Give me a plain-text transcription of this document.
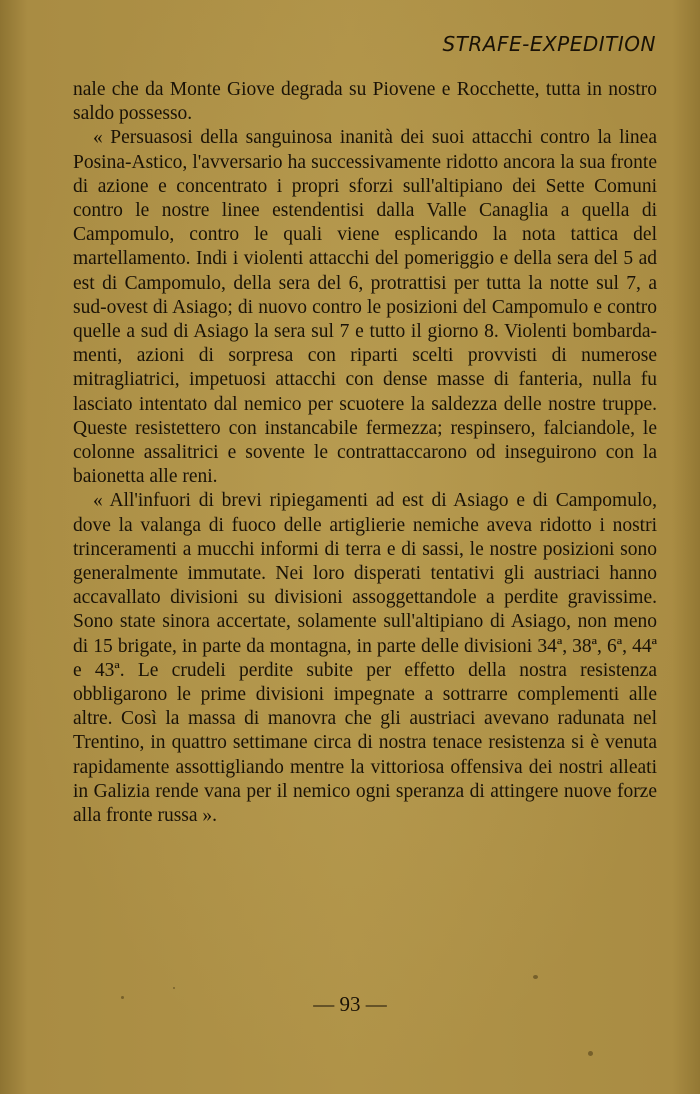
STRAFE-EXPEDITION

nale che da Monte Giove degrada su Piovene e Rocchette, tutta in nostro saldo possesso.

« Persuasosi della sanguinosa inanità dei suoi attacchi contro la linea Posina-Astico, l'avversario ha successivamente ridotto ancora la sua fronte di azione e concentrato i propri sforzi sull'altipiano dei Sette Comuni contro le nostre linee estendentisi dalla Valle Canaglia a quella di Campomulo, contro le quali viene esplicando la nota tattica del martellamento. Indi i violenti attacchi del pomeriggio e della sera del 5 ad est di Campomulo, della sera del 6, protrattisi per tutta la notte sul 7, a sud-ovest di Asiago; di nuovo contro le posizioni del Campomulo e contro quelle a sud di Asiago la sera sul 7 e tutto il giorno 8. Violenti bombardamenti, azioni di sorpresa con riparti scelti provvisti di numerose mitragliatrici, impetuosi attacchi con dense masse di fanteria, nulla fu lasciato intentato dal nemico per scuotere la saldezza delle nostre truppe. Queste resistettero con instancabile fermezza; respinsero, falciandole, le colonne assalitrici e sovente le contrattaccarono od inseguirono con la baionetta alle reni.

« All'infuori di brevi ripiegamenti ad est di Asiago e di Campomulo, dove la valanga di fuoco delle artiglierie nemiche aveva ridotto i nostri trinceramenti a mucchi informi di terra e di sassi, le nostre posizioni sono generalmente immutate. Nei loro disperati tentativi gli austriaci hanno accavallato divisioni su divisioni assoggettandole a perdite gravissime. Sono state sinora accertate, solamente sull'altipiano di Asiago, non meno di 15 brigate, in parte da montagna, in parte delle divisioni 34ª, 38ª, 6ª, 44ª e 43ª. Le crudeli perdite subite per effetto della nostra resistenza obbligarono le prime divisioni impegnate a sottrarre complementi alle altre. Così la massa di manovra che gli austriaci avevano radunata nel Trentino, in quattro settimane circa di nostra tenace resistenza si è venuta rapidamente assottigliando mentre la vittoriosa offensiva dei nostri alleati in Galizia rende vana per il nemico ogni speranza di attingere nuove forze alla fronte russa ».

— 93 —
